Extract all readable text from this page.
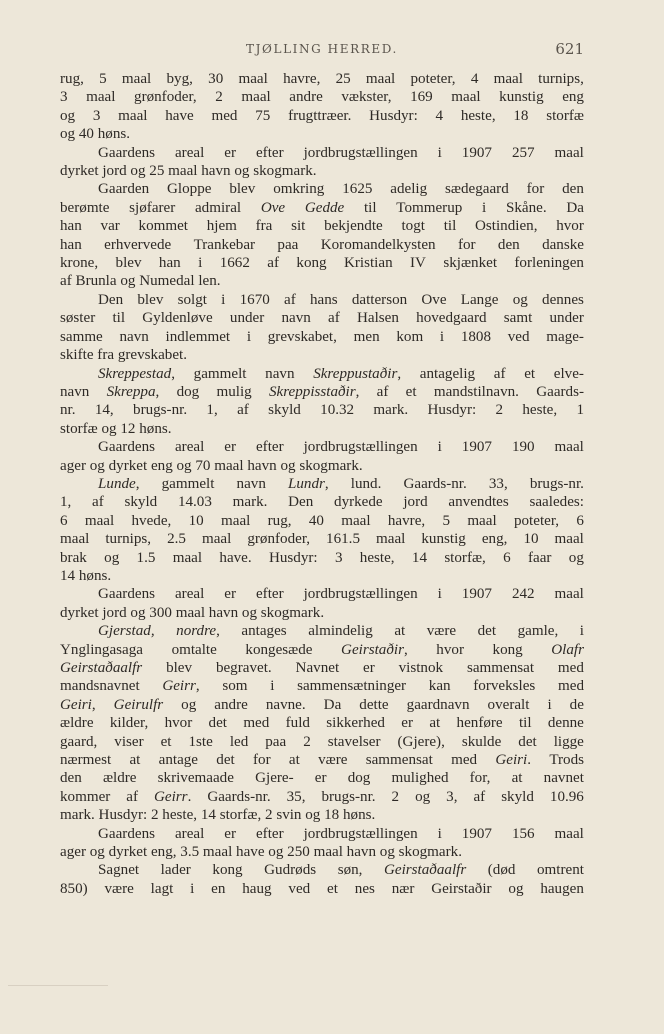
TJØLLING HERRED.	621
rug, 5 maal byg, 30 maal havre, 25 maal poteter, 4 maal turnips,
3 maal grønfoder, 2 maal andre vækster, 169 maal kunstig eng
og 3 maal have med 75 frugttræer. Husdyr: 4 heste, 18 storfæ
og 40 høns.
Gaardens areal er efter jordbrugstællingen i 1907 257 maal
dyrket jord og 25 maal havn og skogmark.
Gaarden Gloppe blev omkring 1625 adelig sædegaard for den
berømte sjøfarer admiral Ove Gedde til Tommerup i Skåne. Da
han var kommet hjem fra sit bekjendte togt til Ostindien, hvor
han erhvervede Trankebar paa Koromandelkysten for den danske
krone, blev han i 1662 af kong Kristian IV skjænket forleningen
af Brunla og Numedal len.
Den blev solgt i 1670 af hans datterson Ove Lange og dennes
søster til Gyldenløve under navn af Halsen hovedgaard samt under
samme navn indlemmet i grevskabet, men kom i 1808 ved mage-
skifte fra grevskabet.
Skreppestad, gammelt navn Skreppustaðir, antagelig af et elve-
navn Skreppa, dog mulig Skreppisstaðir, af et mandstilnavn. Gaards-
nr. 14, brugs-nr. 1, af skyld 10.32 mark. Husdyr: 2 heste, 1
storfæ og 12 høns.
Gaardens areal er efter jordbrugstællingen i 1907 190 maal
ager og dyrket eng og 70 maal havn og skogmark.
Lunde, gammelt navn Lundr, lund. Gaards-nr. 33, brugs-nr.
1, af skyld 14.03 mark. Den dyrkede jord anvendtes saaledes:
6 maal hvede, 10 maal rug, 40 maal havre, 5 maal poteter, 6
maal turnips, 2.5 maal grønfoder, 161.5 maal kunstig eng, 10 maal
brak og 1.5 maal have. Husdyr: 3 heste, 14 storfæ, 6 faar og
14 høns.
Gaardens areal er efter jordbrugstællingen i 1907 242 maal
dyrket jord og 300 maal havn og skogmark.
Gjerstad, nordre, antages almindelig at være det gamle, i
Ynglingasaga omtalte kongesæde Geirstaðir, hvor kong Olafr
Geirstaðaalfr blev begravet. Navnet er vistnok sammensat med
mandsnavnet Geirr, som i sammensætninger kan forveksles med
Geiri, Geirulfr og andre navne. Da dette gaardnavn overalt i de
ældre kilder, hvor det med fuld sikkerhed er at henføre til denne
gaard, viser et 1ste led paa 2 stavelser (Gjere), skulde det ligge
nærmest at antage det for at være sammensat med Geiri. Trods
den ældre skrivemaade Gjere- er dog mulighed for, at navnet
kommer af Geirr. Gaards-nr. 35, brugs-nr. 2 og 3, af skyld 10.96
mark. Husdyr: 2 heste, 14 storfæ, 2 svin og 18 høns.
Gaardens areal er efter jordbrugstællingen i 1907 156 maal
ager og dyrket eng, 3.5 maal have og 250 maal havn og skogmark.
Sagnet lader kong Gudrøds søn, Geirstaðaalfr (død omtrent
850) være lagt i en haug ved et nes nær Geirstaðir og haugen
